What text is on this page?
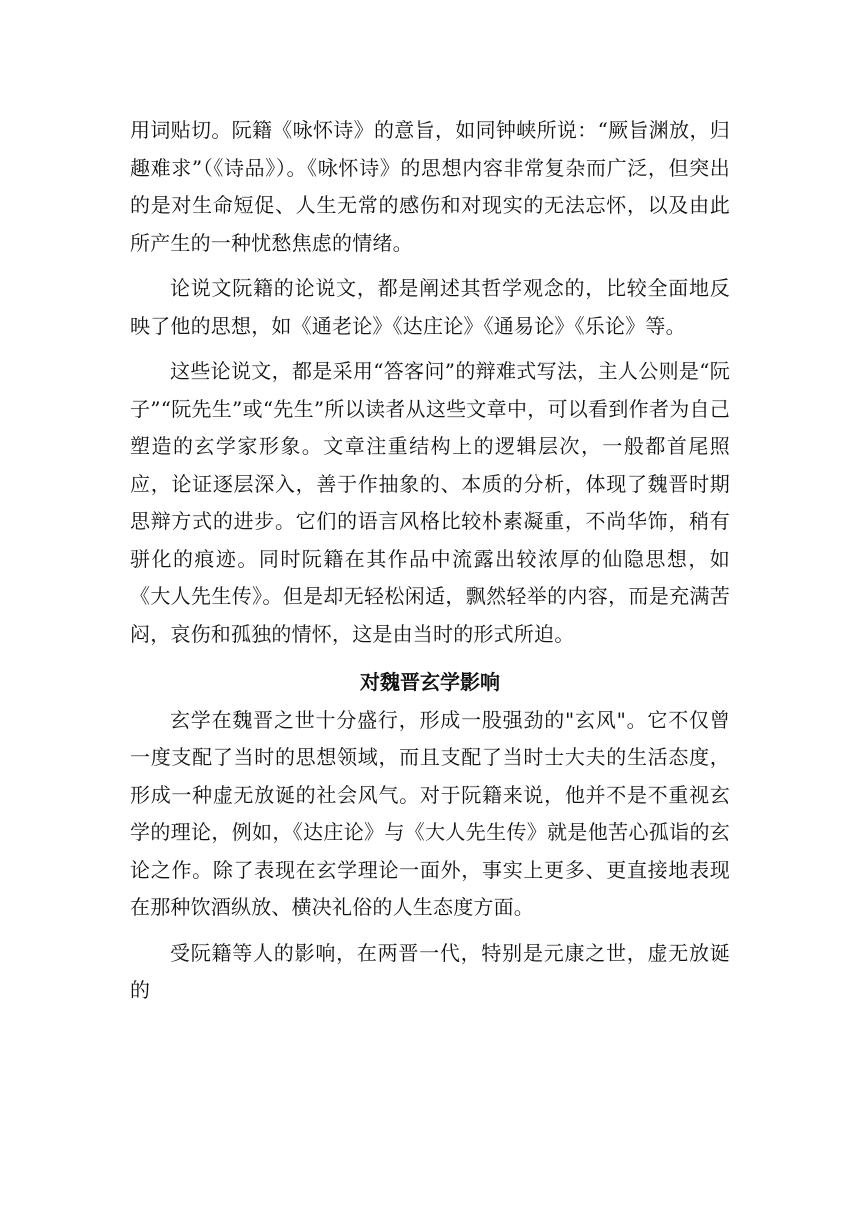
用词贴切。阮籍《咏怀诗》的意旨，如同钟峡所说：“厥旨渊放，归趣难求”（《诗品》）。《咏怀诗》的思想内容非常复杂而广泛，但突出的是对生命短促、人生无常的感伤和对现实的无法忘怀，以及由此所产生的一种忧愁焦虑的情绪。

论说文阮籍的论说文，都是阐述其哲学观念的，比较全面地反映了他的思想，如《通老论》《达庄论》《通易论》《乐论》等。

这些论说文，都是采用“答客问”的辩难式写法，主人公则是“阮子”“阮先生”或“先生”所以读者从这些文章中，可以看到作者为自己塑造的玄学家形象。文章注重结构上的逻辑层次，一般都首尾照应，论证逐层深入，善于作抽象的、本质的分析，体现了魏晋时期思辩方式的进步。它们的语言风格比较朴素凝重，不尚华饰，稍有骈化的痕迹。同时阮籍在其作品中流露出较浓厚的仙隐思想，如《大人先生传》。但是却无轻松闲适，飘然轻举的内容，而是充满苦闷，哀伤和孤独的情怀，这是由当时的形式所迫。

对魏晋玄学影响

玄学在魏晋之世十分盛行，形成一股强劲的"玄风"。它不仅曾一度支配了当时的思想领域，而且支配了当时士大夫的生活态度，形成一种虚无放诞的社会风气。对于阮籍来说，他并不是不重视玄学的理论，例如，《达庄论》与《大人先生传》就是他苦心孤诣的玄论之作。除了表现在玄学理论一面外，事实上更多、更直接地表现在那种饮酒纵放、横决礼俗的人生态度方面。

受阮籍等人的影响，在两晋一代，特别是元康之世，虚无放诞的
